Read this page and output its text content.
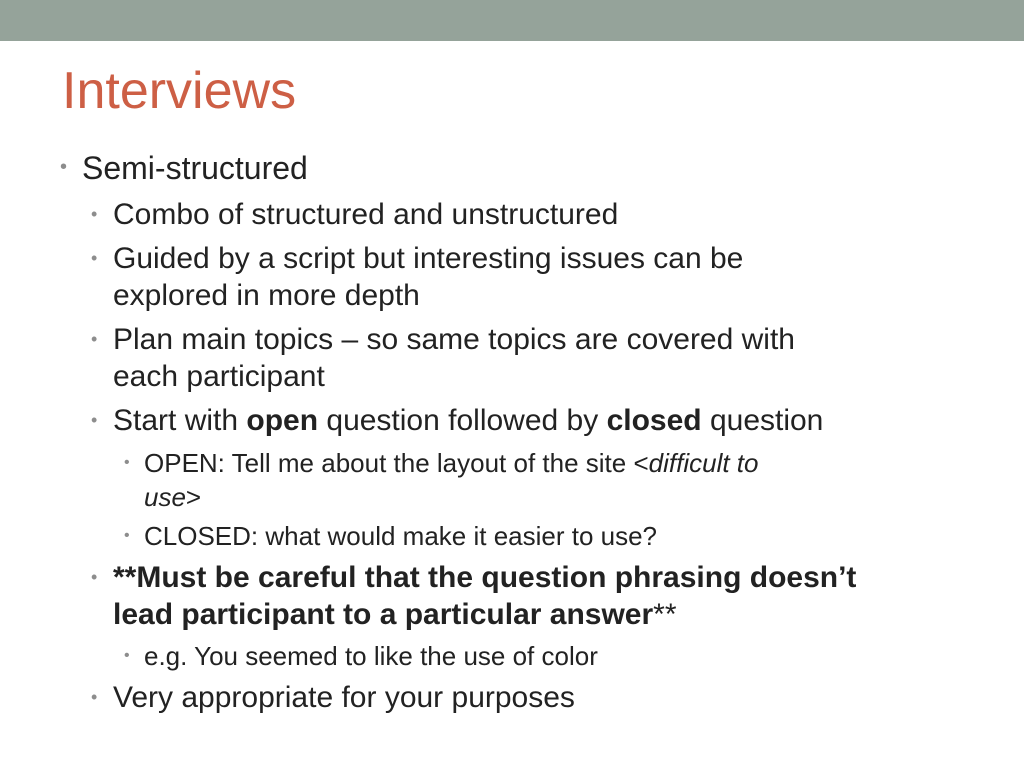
Interviews
• Semi-structured
• Combo of structured and unstructured
• Guided by a script but interesting issues can be
explored in more depth
• Plan main topics – so same topics are covered with
each participant
• Start with open question followed by closed question
• OPEN: Tell me about the layout of the site <difficult to
use>
• CLOSED: what would make it easier to use?
• **Must be careful that the question phrasing doesn’t
lead participant to a particular answer**
• e.g. You seemed to like the use of color
• Very appropriate for your purposes
